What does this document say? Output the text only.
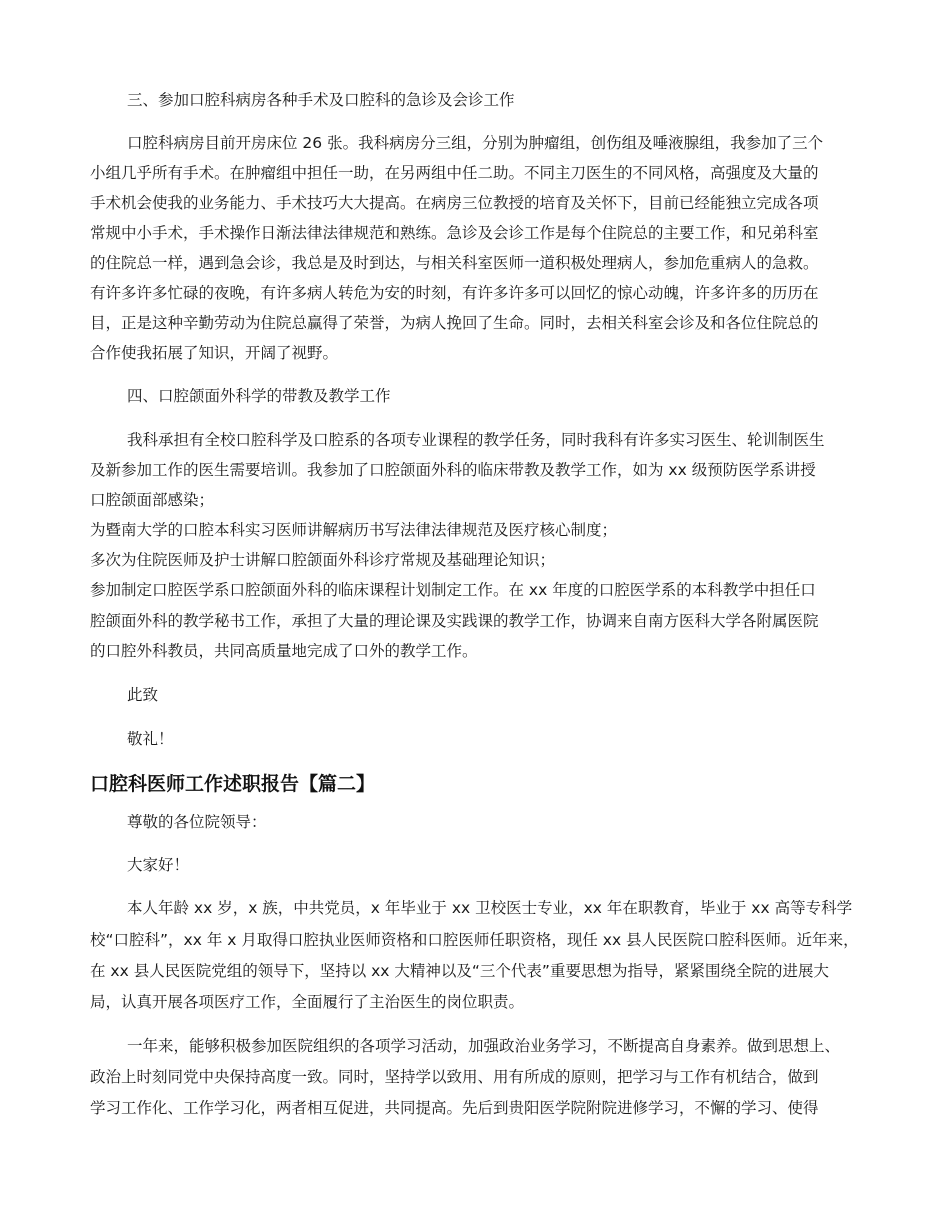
三、参加口腔科病房各种手术及口腔科的急诊及会诊工作
口腔科病房目前开房床位 26 张。我科病房分三组，分别为肿瘤组，创伤组及唾液腺组，我参加了三个
小组几乎所有手术。在肿瘤组中担任一助，在另两组中任二助。不同主刀医生的不同风格，高强度及大量的
手术机会使我的业务能力、手术技巧大大提高。在病房三位教授的培育及关怀下，目前已经能独立完成各项
常规中小手术，手术操作日渐法律法律规范和熟练。急诊及会诊工作是每个住院总的主要工作，和兄弟科室
的住院总一样，遇到急会诊，我总是及时到达，与相关科室医师一道积极处理病人，参加危重病人的急救。
有许多许多忙碌的夜晚，有许多病人转危为安的时刻，有许多许多可以回忆的惊心动魄，许多许多的历历在
目，正是这种辛勤劳动为住院总赢得了荣誉，为病人挽回了生命。同时，去相关科室会诊及和各位住院总的
合作使我拓展了知识，开阔了视野。
四、口腔颌面外科学的带教及教学工作
我科承担有全校口腔科学及口腔系的各项专业课程的教学任务，同时我科有许多实习医生、轮训制医生
及新参加工作的医生需要培训。我参加了口腔颌面外科的临床带教及教学工作，如为 xx 级预防医学系讲授
口腔颌面部感染；
为暨南大学的口腔本科实习医师讲解病历书写法律法律规范及医疗核心制度；
多次为住院医师及护士讲解口腔颌面外科诊疗常规及基础理论知识；
参加制定口腔医学系口腔颌面外科的临床课程计划制定工作。在 xx 年度的口腔医学系的本科教学中担任口
腔颌面外科的教学秘书工作，承担了大量的理论课及实践课的教学工作，协调来自南方医科大学各附属医院
的口腔外科教员，共同高质量地完成了口外的教学工作。
此致
敬礼！
口腔科医师工作述职报告【篇二】
尊敬的各位院领导：
大家好！
本人年龄 xx 岁，x 族，中共党员，x 年毕业于 xx 卫校医士专业，xx 年在职教育，毕业于 xx 高等专科学
校“口腔科”，xx 年 x 月取得口腔执业医师资格和口腔医师任职资格，现任 xx 县人民医院口腔科医师。近年来，
在 xx 县人民医院党组的领导下，坚持以 xx 大精神以及“三个代表”重要思想为指导，紧紧围绕全院的进展大
局，认真开展各项医疗工作，全面履行了主治医生的岗位职责。
一年来，能够积极参加医院组织的各项学习活动，加强政治业务学习，不断提高自身素养。做到思想上、
政治上时刻同党中央保持高度一致。同时，坚持学以致用、用有所成的原则，把学习与工作有机结合，做到
学习工作化、工作学习化，两者相互促进，共同提高。先后到贵阳医学院附院进修学习，不懈的学习、使得
